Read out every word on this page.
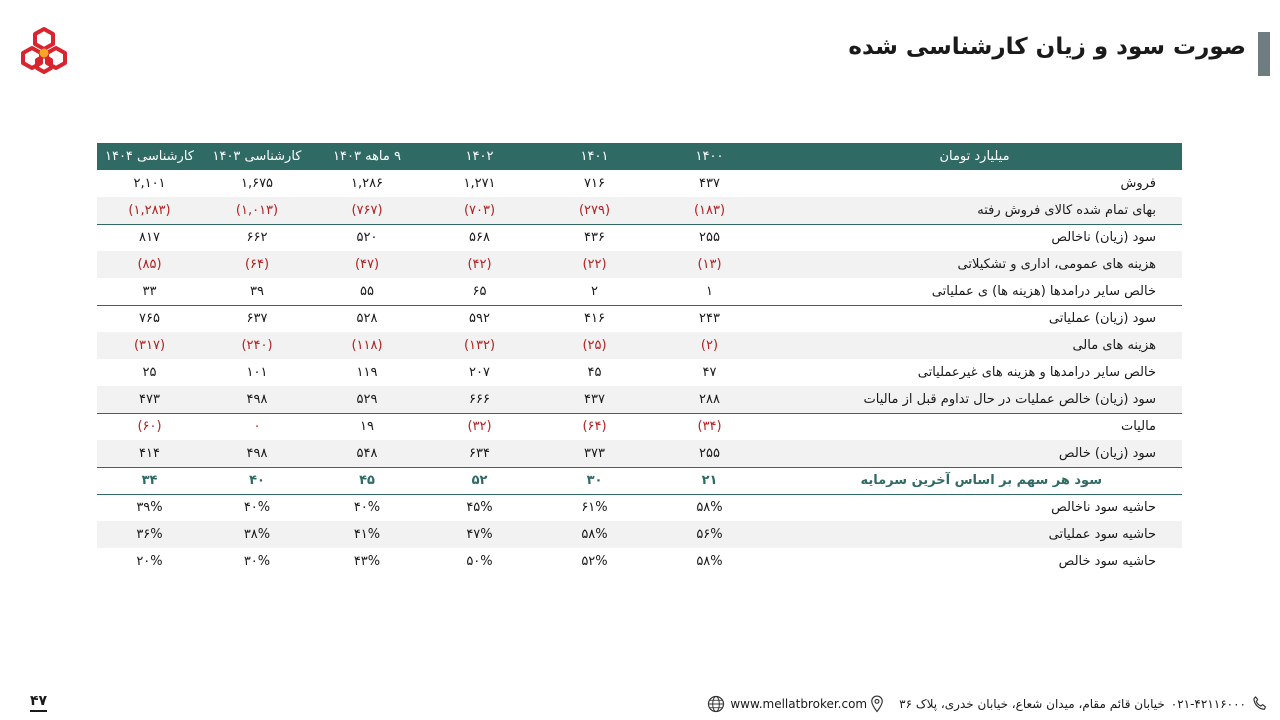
صورت سود و زیان کارشناسی شده
میلیارد تومان	۱۴۰۰	۱۴۰۱	۱۴۰۲	۹ ماهه ۱۴۰۳	کارشناسی ۱۴۰۳	کارشناسی ۱۴۰۴
فروش	۴۳۷	۷۱۶	۱,۲۷۱	۱,۲۸۶	۱,۶۷۵	۲,۱۰۱
بهای تمام شده کالای فروش رفته	(۱۸۳)	(۲۷۹)	(۷۰۳)	(۷۶۷)	(۱,۰۱۳)	(۱,۲۸۳)
سود (زیان) ناخالص	۲۵۵	۴۳۶	۵۶۸	۵۲۰	۶۶۲	۸۱۷
هزینه های عمومی، اداری و تشکیلاتی	(۱۳)	(۲۲)	(۴۲)	(۴۷)	(۶۴)	(۸۵)
خالص سایر درامدها (هزینه ها) ی عملیاتی	۱	۲	۶۵	۵۵	۳۹	۳۳
سود (زیان) عملیاتی	۲۴۳	۴۱۶	۵۹۲	۵۲۸	۶۳۷	۷۶۵
هزینه های مالی	(۲)	(۲۵)	(۱۳۲)	(۱۱۸)	(۲۴۰)	(۳۱۷)
خالص سایر درامدها و هزینه های غیرعملیاتی	۴۷	۴۵	۲۰۷	۱۱۹	۱۰۱	۲۵
سود (زیان) خالص عملیات در حال تداوم قبل از مالیات	۲۸۸	۴۳۷	۶۶۶	۵۲۹	۴۹۸	۴۷۳
مالیات	(۳۴)	(۶۴)	(۳۲)	۱۹	۰	(۶۰)
سود (زیان) خالص	۲۵۵	۳۷۳	۶۳۴	۵۴۸	۴۹۸	۴۱۴
سود هر سهم بر اساس آخرین سرمایه	۲۱	۳۰	۵۲	۴۵	۴۰	۳۴
حاشیه سود ناخالص	۵۸%	۶۱%	۴۵%	۴۰%	۴۰%	۳۹%
حاشیه سود عملیاتی	۵۶%	۵۸%	۴۷%	۴۱%	۳۸%	۳۶%
حاشیه سود خالص	۵۸%	۵۲%	۵۰%	۴۳%	۳۰%	۲۰%
۴۷	۰۲۱-۴۲۱۱۶۰۰۰
خیابان قائم مقام، میدان شعاع، خیابان خدری، پلاک ۳۶
www.mellatbroker.com
